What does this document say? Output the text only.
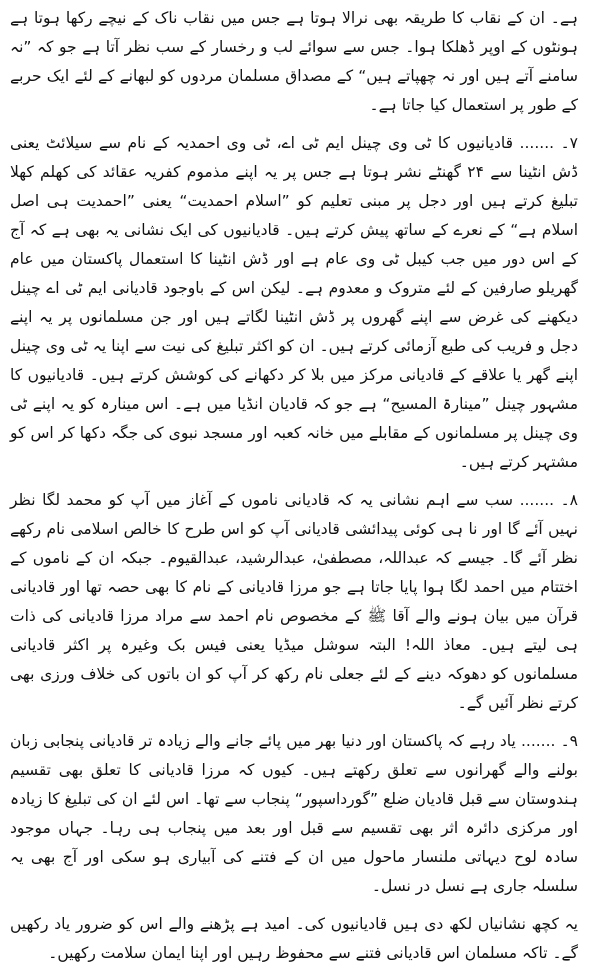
ہے۔ ان کے نقاب کا طریقہ بھی نرالا ہوتا ہے جس میں نقاب ناک کے نیچے رکھا ہوتا ہے ہونٹوں کے اوپر ڈھلکا ہوا۔ جس سے سوائے لب و رخسار کے سب نظر آتا ہے جو کہ ”نہ سامنے آتے ہیں اور نہ چھپاتے ہیں“ کے مصداق مسلمان مردوں کو لبھانے کے لئے ایک حربے کے طور پر استعمال کیا جاتا ہے۔

۷۔ ....... قادیانیوں کا ٹی وی چینل ایم ٹی اے، ٹی وی احمدیہ کے نام سے سیلائٹ یعنی ڈش انٹینا سے ۲۴ گھنٹے نشر ہوتا ہے جس پر یہ اپنے مذموم کفریہ عقائد کی کھلم کھلا تبلیغ کرتے ہیں اور دجل پر مبنی تعلیم کو ”اسلام احمدیت“ یعنی ”احمدیت ہی اصل اسلام ہے“ کے نعرے کے ساتھ پیش کرتے ہیں۔ قادیانیوں کی ایک نشانی یہ بھی ہے کہ آج کے اس دور میں جب کیبل ٹی وی عام ہے اور ڈش انٹینا کا استعمال پاکستان میں عام گھریلو صارفین کے لئے متروک و معدوم ہے۔ لیکن اس کے باوجود قادیانی ایم ٹی اے چینل دیکھنے کی غرض سے اپنے گھروں پر ڈش انٹینا لگاتے ہیں اور جن مسلمانوں پر یہ اپنے دجل و فریب کی طبع آزمائی کرتے ہیں۔ ان کو اکثر تبلیغ کی نیت سے اپنا یہ ٹی وی چینل اپنے گھر یا علاقے کے قادیانی مرکز میں بلا کر دکھانے کی کوشش کرتے ہیں۔ قادیانیوں کا مشہور چینل ”مینارۃ المسیح“ ہے جو کہ قادیان انڈیا میں ہے۔ اس مینارہ کو یہ اپنے ٹی وی چینل پر مسلمانوں کے مقابلے میں خانہ کعبہ اور مسجد نبوی کی جگہ دکھا کر اس کو مشتہر کرتے ہیں۔

۸۔ ....... سب سے اہم نشانی یہ کہ قادیانی ناموں کے آغاز میں آپ کو محمد لگا نظر نہیں آئے گا اور نا ہی کوئی پیدائشی قادیانی آپ کو اس طرح کا خالص اسلامی نام رکھے نظر آئے گا۔ جیسے کہ عبداللہ، مصطفیٰ، عبدالرشید، عبدالقیوم۔ جبکہ ان کے ناموں کے اختتام میں احمد لگا ہوا پایا جاتا ہے جو مرزا قادیانی کے نام کا بھی حصہ تھا اور قادیانی قرآن میں بیان ہونے والے آقا ﷺ کے مخصوص نام احمد سے مراد مرزا قادیانی کی ذات ہی لیتے ہیں۔ معاذ اللہ! البتہ سوشل میڈیا یعنی فیس بک وغیرہ پر اکثر قادیانی مسلمانوں کو دھوکہ دینے کے لئے جعلی نام رکھ کر آپ کو ان باتوں کی خلاف ورزی بھی کرتے نظر آئیں گے۔

۹۔ ....... یاد رہے کہ پاکستان اور دنیا بھر میں پائے جانے والے زیادہ تر قادیانی پنجابی زبان بولنے والے گھرانوں سے تعلق رکھتے ہیں۔ کیوں کہ مرزا قادیانی کا تعلق بھی تقسیم ہندوستان سے قبل قادیان ضلع ”گورداسپور“ پنجاب سے تھا۔ اس لئے ان کی تبلیغ کا زیادہ اور مرکزی دائرہ اثر بھی تقسیم سے قبل اور بعد میں پنجاب ہی رہا۔ جہاں موجود سادہ لوح دیہاتی ملنسار ماحول میں ان کے فتنے کی آبیاری ہو سکی اور آج بھی یہ سلسلہ جاری ہے نسل در نسل۔

یہ کچھ نشانیاں لکھ دی ہیں قادیانیوں کی۔ امید ہے پڑھنے والے اس کو ضرور یاد رکھیں گے۔ تاکہ مسلمان اس قادیانی فتنے سے محفوظ رہیں اور اپنا ایمان سلامت رکھیں۔
